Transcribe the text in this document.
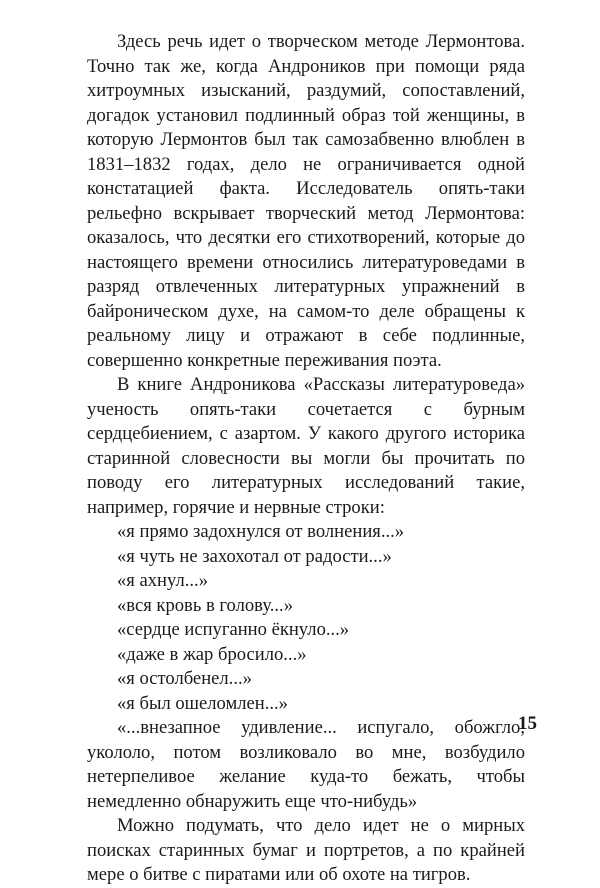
Здесь речь идет о творческом методе Лермонтова. Точно так же, когда Андроников при помощи ряда хитроумных изысканий, раздумий, сопоставлений, догадок установил подлинный образ той женщины, в которую Лермонтов был так самозабвенно влюблен в 1831–1832 годах, дело не ограничивается одной констатацией факта. Исследователь опять-таки рельефно вскрывает творческий метод Лермонтова: оказалось, что десятки его стихотворений, которые до настоящего времени относились литературоведами в разряд отвлеченных литературных упражнений в байроническом духе, на самом-то деле обращены к реальному лицу и отражают в себе подлинные, совершенно конкретные переживания поэта.

В книге Андроникова «Рассказы литературоведа» ученость опять-таки сочетается с бурным сердцебиением, с азартом. У какого другого историка старинной словесности вы могли бы прочитать по поводу его литературных исследований такие, например, горячие и нервные строки:

«я прямо задохнулся от волнения...»

«я чуть не захохотал от радости...»

«я ахнул...»

«вся кровь в голову...»

«сердце испуганно ёкнуло...»

«даже в жар бросило...»

«я остолбенел...»

«я был ошеломлен...»

«...внезапное удивление... испугало, обожгло, укололо, потом возликовало во мне, возбудило нетерпеливое желание куда-то бежать, чтобы немедленно обнаружить еще что-нибудь»

Можно подумать, что дело идет не о мирных поисках старинных бумаг и портретов, а по крайней мере о битве с пиратами или об охоте на тигров.

15
